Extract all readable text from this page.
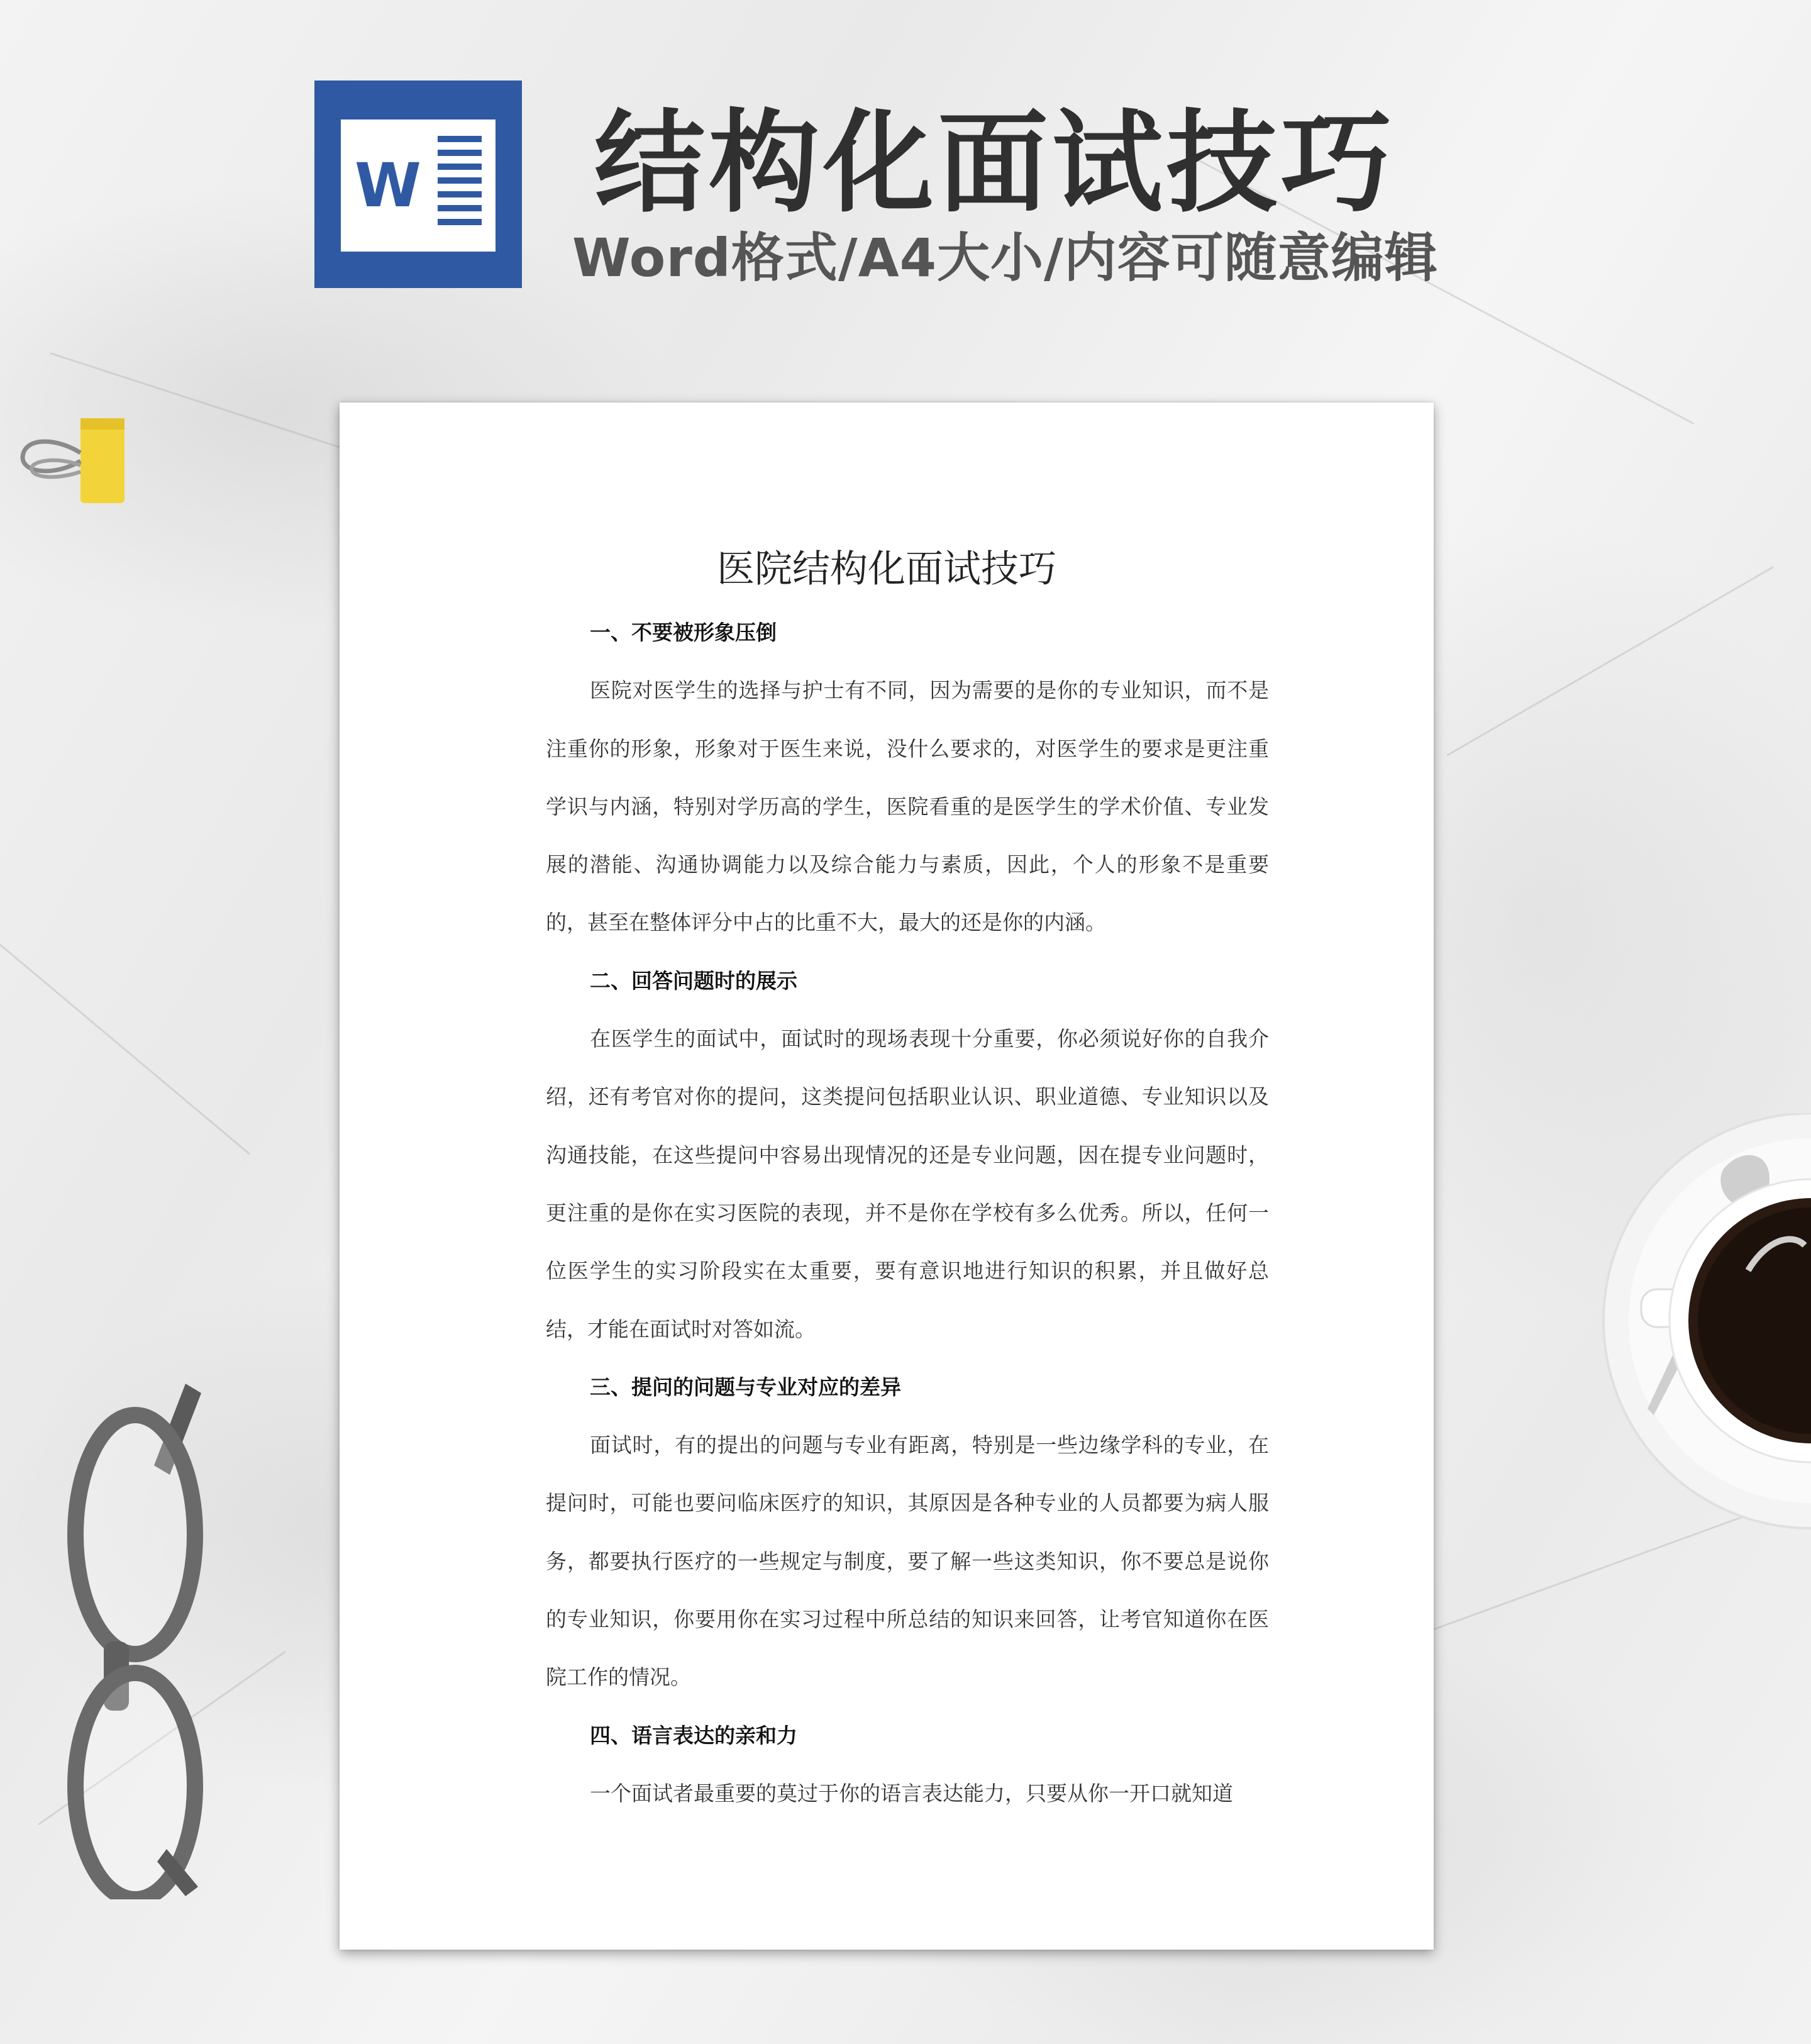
W 结构化面试技巧
Word格式/A4大小/内容可随意编辑
医院结构化面试技巧
一、不要被形象压倒

医院对医学生的选择与护士有不同，因为需要的是你的专业知识，而不是注重你的形象，形象对于医生来说，没什么要求的，对医学生的要求是更注重学识与内涵，特别对学历高的学生，医院看重的是医学生的学术价值、专业发展的潜能、沟通协调能力以及综合能力与素质，因此，个人的形象不是重要的，甚至在整体评分中占的比重不大，最大的还是你的内涵。

二、回答问题时的展示

在医学生的面试中，面试时的现场表现十分重要，你必须说好你的自我介绍，还有考官对你的提问，这类提问包括职业认识、职业道德、专业知识以及沟通技能，在这些提问中容易出现情况的还是专业问题，因在提专业问题时，更注重的是你在实习医院的表现，并不是你在学校有多么优秀。所以，任何一位医学生的实习阶段实在太重要，要有意识地进行知识的积累，并且做好总结，才能在面试时对答如流。

三、提问的问题与专业对应的差异

面试时，有的提出的问题与专业有距离，特别是一些边缘学科的专业，在提问时，可能也要问临床医疗的知识，其原因是各种专业的人员都要为病人服务，都要执行医疗的一些规定与制度，要了解一些这类知识，你不要总是说你的专业知识，你要用你在实习过程中所总结的知识来回答，让考官知道你在医院工作的情况。

四、语言表达的亲和力

一个面试者最重要的莫过于你的语言表达能力，只要从你一开口就知道
